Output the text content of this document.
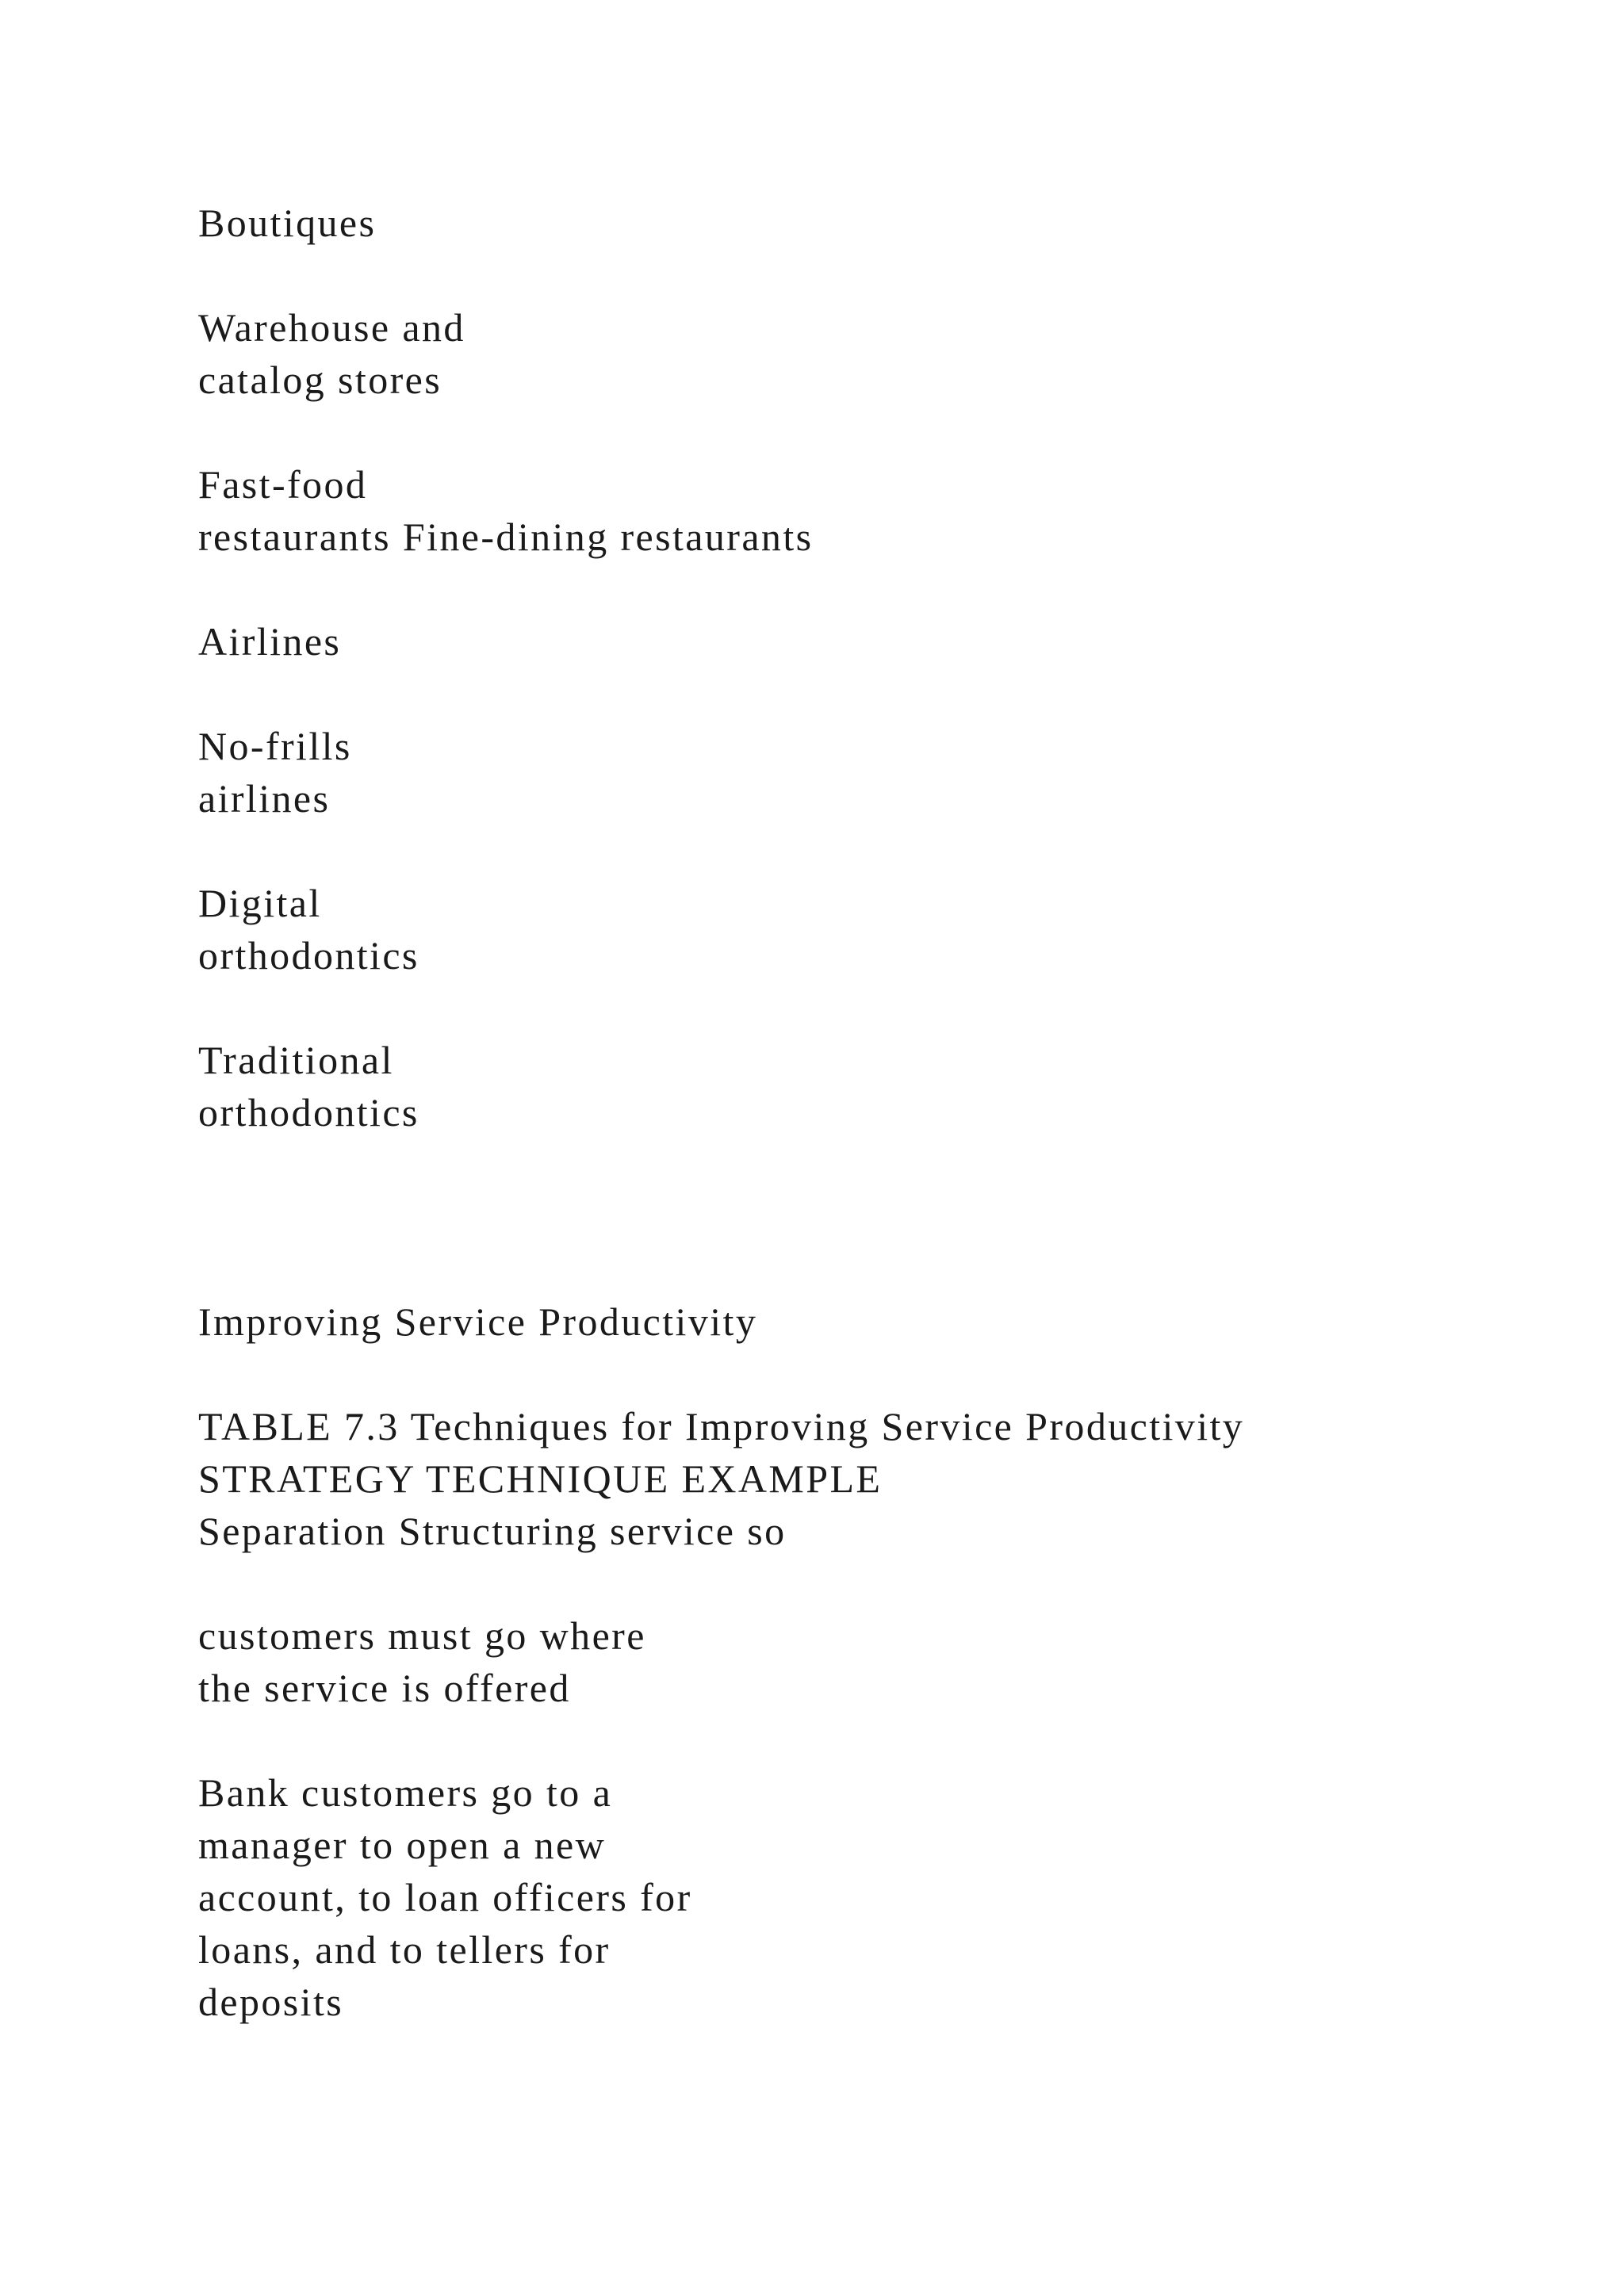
Boutiques

Warehouse and

catalog stores

Fast-food

restaurants Fine-dining restaurants

Airlines

No-frills

airlines

Digital

orthodontics

Traditional

orthodontics

Improving Service Productivity

TABLE 7.3 Techniques for Improving Service Productivity

STRATEGY TECHNIQUE EXAMPLE

Separation Structuring service so

customers must go where

the service is offered

Bank customers go to a

manager to open a new

account, to loan officers for

loans, and to tellers for

deposits
